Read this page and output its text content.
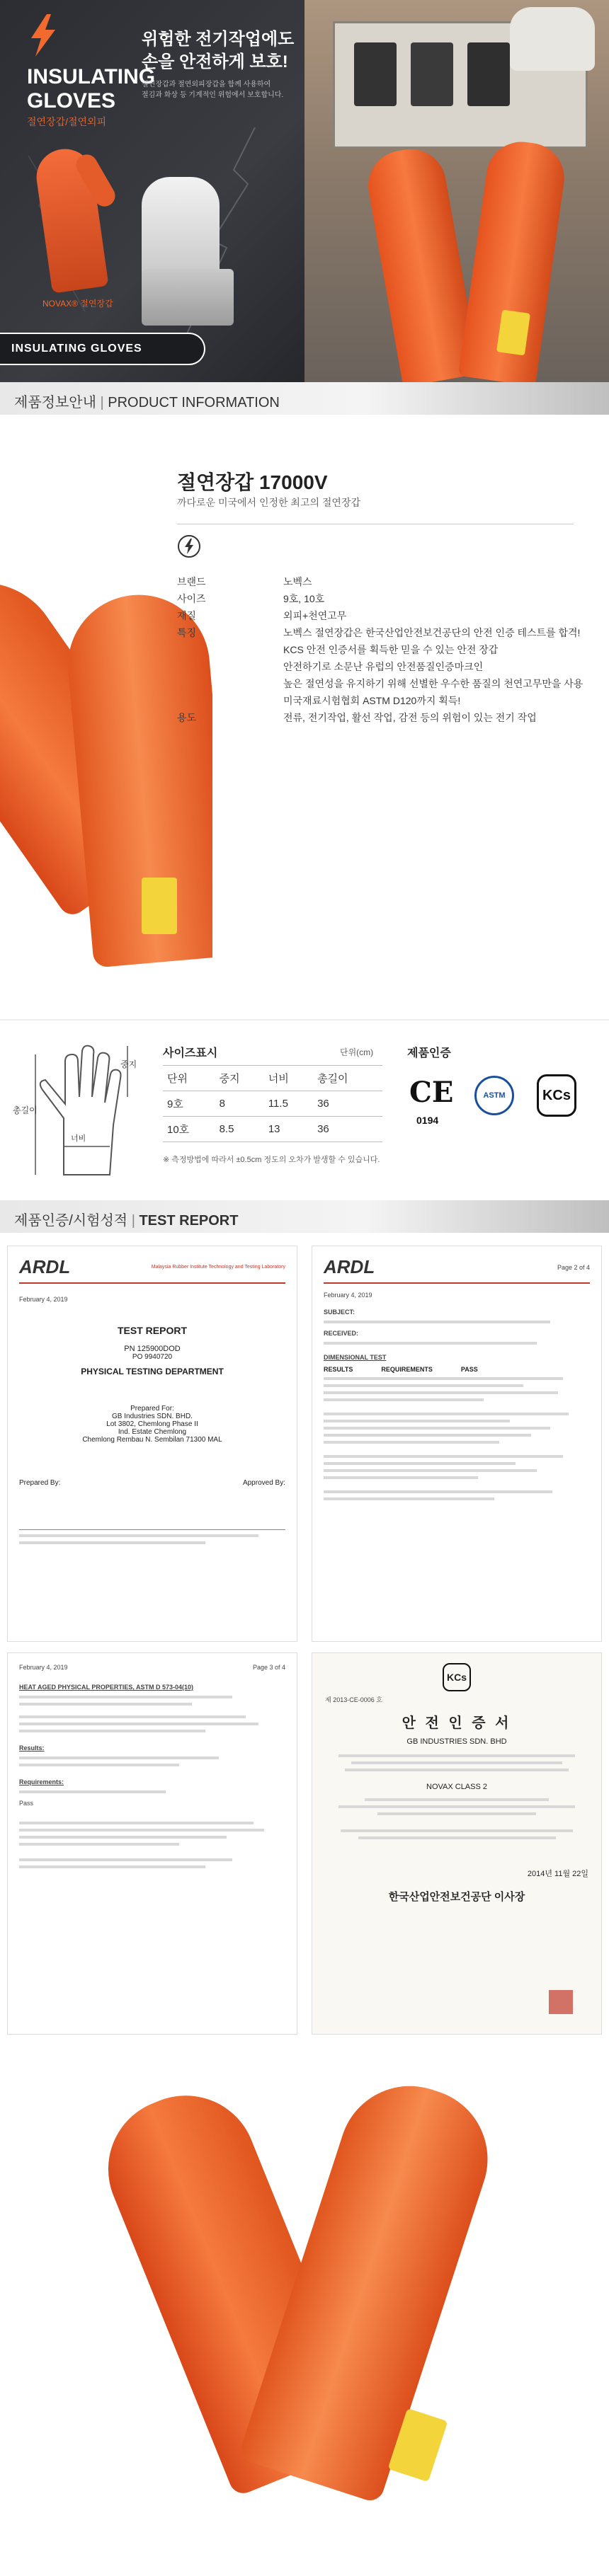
INSULATING
GLOVES
절연장갑/절연외피
위험한 전기작업에도
손을 안전하게 보호!
절연장갑과 절연외피장갑을 함께 사용하여
절김과 화상 등 기계적인 위험에서 보호합니다.
NOVAX® 절연장갑
INSULATING GLOVES
제품정보안내 | PRODUCT INFORMATION
절연장갑 17000V
까다로운 미국에서 인정한 최고의 절연장갑
브랜드	노벡스
사이즈	9호, 10호
재질	외피+천연고무
특징	노벡스 절연장갑은 한국산업안전보건공단의 안전 인증 테스트를 합격!
KCS 안전 인증서를 획득한 믿을 수 있는 안전 장갑
안전하기로 소문난 유럽의 안전품질인증마크인
높은 절연성을 유지하기 위해 선별한 우수한 품질의 천연고무만을 사용
미국재료시험협회 ASTM D120까지 획득!
용도	전류, 전기작업, 활선 작업, 감전 등의 위험이 있는 전기 작업
중지
총길이
너비
사이즈표시	단위(cm)
단위	중지	너비	총길이
9호	8	11.5	36
10호	8.5	13	36
※ 측정방법에 따라서 ±0.5cm 정도의 오차가 발생할 수 있습니다.
제품인증
CE
0194
ASTM	KCs
제품인증/시험성적 | TEST REPORT
ARDL	Malaysia Rubber Institute Technology and Testing Laboratory
February 4, 2019
TEST REPORT
PN 125900DOD
PO 9940720
PHYSICAL TESTING DEPARTMENT
Prepared For:
GB Industries SDN. BHD.
Lot 3802, Chemlong Phase II
Ind. Estate Chemlong
Chemlong Rembau N. Sembilan 71300 MAL
Prepared By:	Approved By:
ARDL	Page 2 of 4
February 4, 2019
SUBJECT:
RECEIVED:
DIMENSIONAL TEST
RESULTS	REQUIREMENTS	PASS
February 4, 2019	Page 3 of 4
HEAT AGED PHYSICAL PROPERTIES, ASTM D 573-04(10)
Results:
Requirements:
Pass
KCs
제 2013-CE-0006 호
안 전 인 증 서
GB INDUSTRIES SDN. BHD
NOVAX CLASS 2
2014년 11월 22일
한국산업안전보건공단 이사장
